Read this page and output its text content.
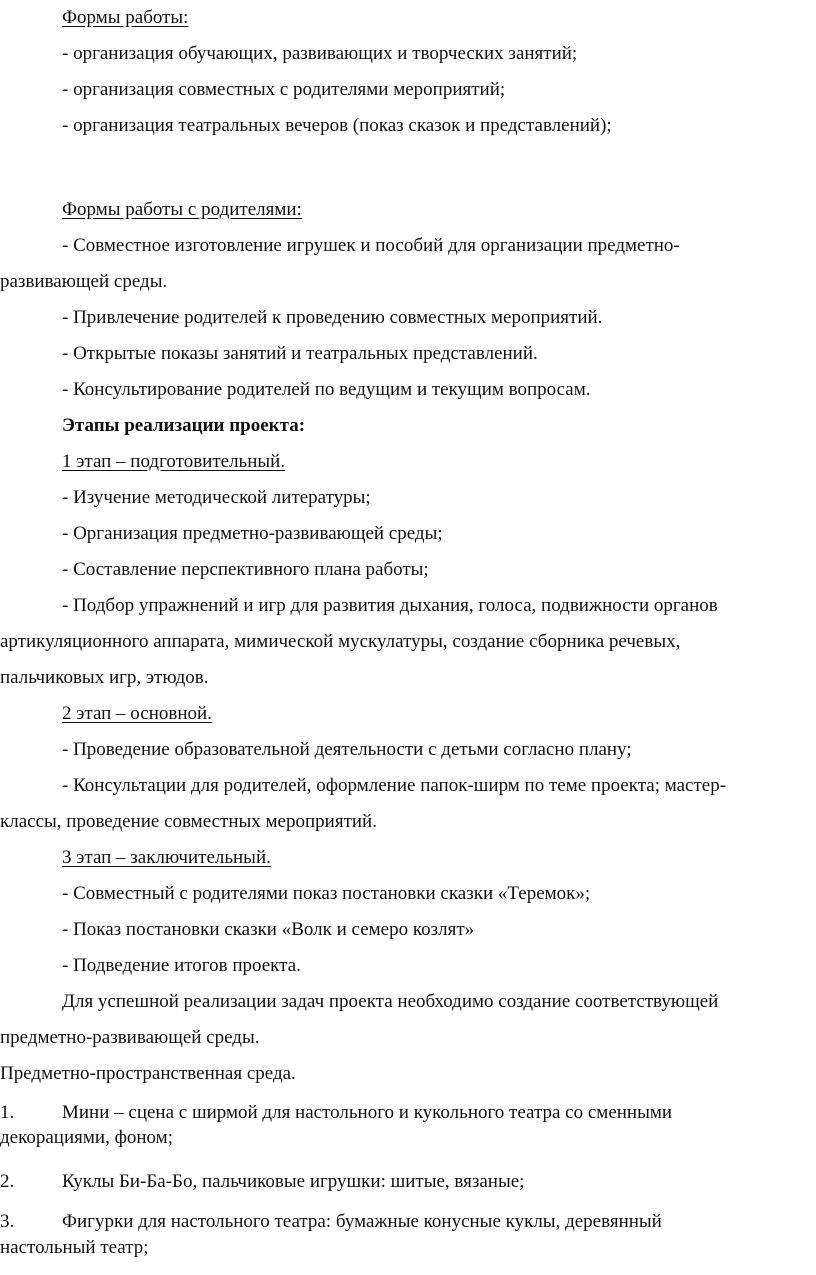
Формы работы:
- организация обучающих, развивающих и творческих занятий;
- организация совместных с родителями мероприятий;
- организация театральных вечеров (показ сказок и представлений);
Формы работы с родителями:
- Совместное изготовление игрушек и пособий для организации предметно-
развивающей среды.
- Привлечение родителей к проведению совместных мероприятий.
- Открытые показы занятий и театральных представлений.
- Консультирование родителей по ведущим и текущим вопросам.
Этапы реализации проекта:
1 этап – подготовительный.
- Изучение методической литературы;
- Организация предметно-развивающей среды;
- Составление перспективного плана работы;
- Подбор упражнений и игр для развития дыхания, голоса, подвижности органов
артикуляционного аппарата, мимической мускулатуры, создание сборника речевых,
пальчиковых игр, этюдов.
2 этап – основной.
- Проведение образовательной деятельности с детьми согласно плану;
- Консультации для родителей, оформление папок-ширм по теме проекта; мастер-
классы, проведение совместных мероприятий.
3 этап – заключительный.
- Совместный с родителями показ постановки сказки «Теремок»;
- Показ постановки сказки «Волк и семеро козлят»
- Подведение итогов проекта.
Для успешной реализации задач проекта необходимо создание соответствующей
предметно-развивающей среды.
Предметно-пространственная среда.
1.	Мини – сцена с ширмой для настольного и кукольного театра со сменными
декорациями, фоном;
2.	Куклы Би-Ба-Бо, пальчиковые игрушки: шитые, вязаные;
3.	Фигурки для настольного театра: бумажные конусные куклы, деревянный
настольный театр;
